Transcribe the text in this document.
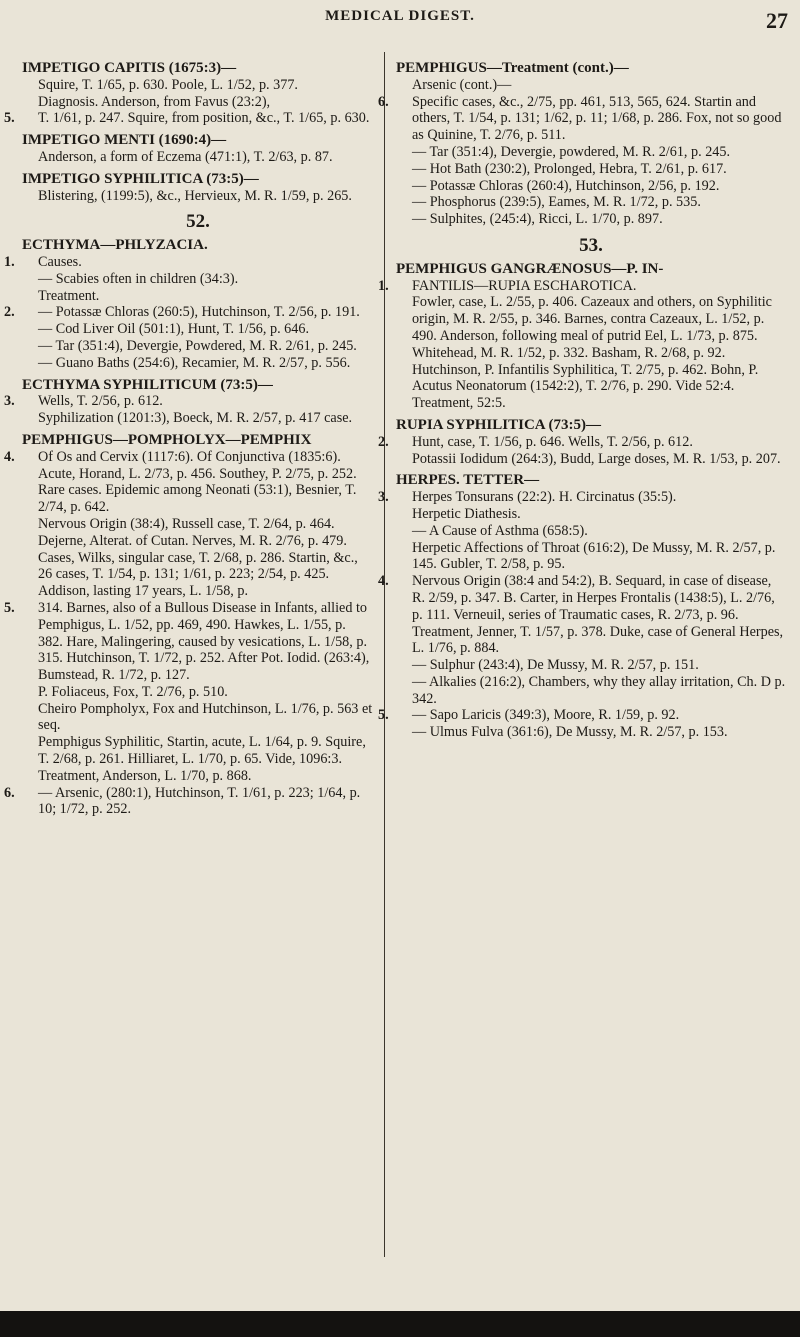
MEDICAL DIGEST.	27
IMPETIGO CAPITIS (1675:3)—
Squire, T. 1/65, p. 630. Poole, L. 1/52, p. 377.
Diagnosis. Anderson, from Favus (23:2),
5. T. 1/61, p. 247. Squire, from position, &c., T. 1/65, p. 630.
IMPETIGO MENTI (1690:4)—
Anderson, a form of Eczema (471:1), T. 2/63, p. 87.
IMPETIGO SYPHILITICA (73:5)—
Blistering, (1199:5), &c., Hervieux, M. R. 1/59, p. 265.
52.
ECTHYMA—PHLYZACIA.
1. Causes.
— Scabies often in children (34:3).
Treatment.
2. — Potassæ Chloras (260:5), Hutchinson, T. 2/56, p. 191.
— Cod Liver Oil (501:1), Hunt, T. 1/56, p. 646.
— Tar (351:4), Devergie, Powdered, M. R. 2/61, p. 245.
— Guano Baths (254:6), Recamier, M. R. 2/57, p. 556.
ECTHYMA SYPHILITICUM (73:5)—
3. Wells, T. 2/56, p. 612.
Syphilization (1201:3), Boeck, M. R. 2/57, p. 417 case.
PEMPHIGUS—POMPHOLYX—PEMPHIX
4. Of Os and Cervix (1117:6). Of Conjunctiva (1835:6).
Acute, Horand, L. 2/73, p. 456. Southey, P. 2/75, p. 252. Rare cases. Epidemic among Neonati (53:1), Besnier, T. 2/74, p. 642.
Nervous Origin (38:4), Russell case, T. 2/64, p. 464. Dejerne, Alterat. of Cutan. Nerves, M. R. 2/76, p. 479.
Cases, Wilks, singular case, T. 2/68, p. 286. Startin, &c., 26 cases, T. 1/54, p. 131; 1/61, p. 223; 2/54, p. 425. Addison, lasting 17 years, L. 1/58, p.
5. 314. Barnes, also of a Bullous Disease in Infants, allied to Pemphigus, L. 1/52, pp. 469, 490. Hawkes, L. 1/55, p. 382. Hare, Malingering, caused by vesications, L. 1/58, p. 315. Hutchinson, T. 1/72, p. 252. After Pot. Iodid. (263:4), Bumstead, R. 1/72, p. 127.
P. Foliaceus, Fox, T. 2/76, p. 510.
Cheiro Pompholyx, Fox and Hutchinson, L. 1/76, p. 563 et seq.
Pemphigus Syphilitic, Startin, acute, L. 1/64, p. 9. Squire, T. 2/68, p. 261. Hilliaret, L. 1/70, p. 65. Vide, 1096:3.
Treatment, Anderson, L. 1/70, p. 868.
6. — Arsenic, (280:1), Hutchinson, T. 1/61, p. 223; 1/64, p. 10; 1/72, p. 252.
PEMPHIGUS—Treatment (cont.)—
Arsenic (cont.)—
6. Specific cases, &c., 2/75, pp. 461, 513, 565, 624. Startin and others, T. 1/54, p. 131; 1/62, p. 11; 1/68, p. 286. Fox, not so good as Quinine, T. 2/76, p. 511.
— Tar (351:4), Devergie, powdered, M. R. 2/61, p. 245.
— Hot Bath (230:2), Prolonged, Hebra, T. 2/61, p. 617.
— Potassæ Chloras (260:4), Hutchinson, 2/56, p. 192.
— Phosphorus (239:5), Eames, M. R. 1/72, p. 535.
— Sulphites, (245:4), Ricci, L. 1/70, p. 897.
53.
PEMPHIGUS GANGRÆNOSUS—P. IN-
1. FANTILIS—RUPIA ESCHAROTICA.
Fowler, case, L. 2/55, p. 406. Cazeaux and others, on Syphilitic origin, M. R. 2/55, p. 346. Barnes, contra Cazeaux, L. 1/52, p. 490. Anderson, following meal of putrid Eel, L. 1/73, p. 875. Whitehead, M. R. 1/52, p. 332. Basham, R. 2/68, p. 92. Hutchinson, P. Infantilis Syphilitica, T. 2/75, p. 462. Bohn, P. Acutus Neonatorum (1542:2), T. 2/76, p. 290. Vide 52:4.
Treatment, 52:5.
RUPIA SYPHILITICA (73:5)—
2. Hunt, case, T. 1/56, p. 646. Wells, T. 2/56, p. 612.
Potassii Iodidum (264:3), Budd, Large doses, M. R. 1/53, p. 207.
HERPES. TETTER—
3. Herpes Tonsurans (22:2). H. Circinatus (35:5).
Herpetic Diathesis.
— A Cause of Asthma (658:5).
Herpetic Affections of Throat (616:2), De Mussy, M. R. 2/57, p. 145. Gubler, T. 2/58, p. 95.
4. Nervous Origin (38:4 and 54:2), B. Sequard, in case of disease, R. 2/59, p. 347. B. Carter, in Herpes Frontalis (1438:5), L. 2/76, p. 111. Verneuil, series of Traumatic cases, R. 2/73, p. 96.
Treatment, Jenner, T. 1/57, p. 378. Duke, case of General Herpes, L. 1/76, p. 884.
— Sulphur (243:4), De Mussy, M. R. 2/57, p. 151.
— Alkalies (216:2), Chambers, why they allay irritation, Ch. D p. 342.
5. — Sapo Laricis (349:3), Moore, R. 1/59, p. 92.
— Ulmus Fulva (361:6), De Mussy, M. R. 2/57, p. 153.
